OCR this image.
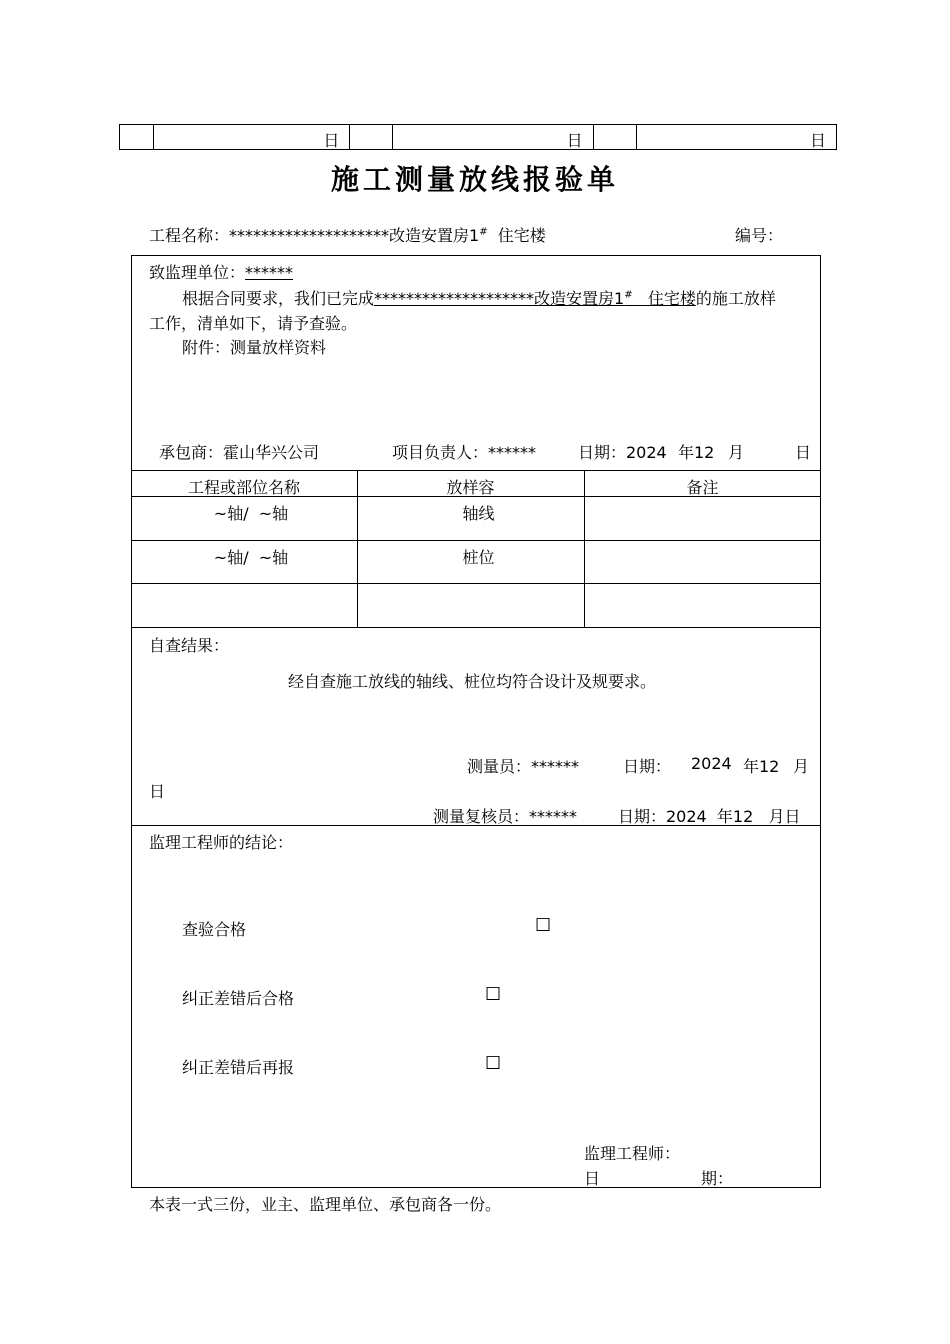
日	日	日
施工测量放线报验单
工程名称：********************改造安置房1# 住宅楼	编号：
致监理单位：******
根据合同要求，我们已完成********************改造安置房1# 住宅楼的施工放样
工作，清单如下，请予查验。
附件：测量放样资料
承包商：霍山华兴公司	项目负责人：******	日期：2024 年12 月	日
工程或部位名称	放样容	备注
~轴/  ~轴	轴线
~轴/  ~轴	桩位
自查结果：
经自查施工放线的轴线、桩位均符合设计及规要求。
测量员：******	日期： 2024 年12 月
日
测量复核员：******	日期：2024  年12   月日
监理工程师的结论：
查验合格	☐
纠正差错后合格	☐
纠正差错后再报	☐
监理工程师：
日	期：
本表一式三份，业主、监理单位、承包商各一份。
